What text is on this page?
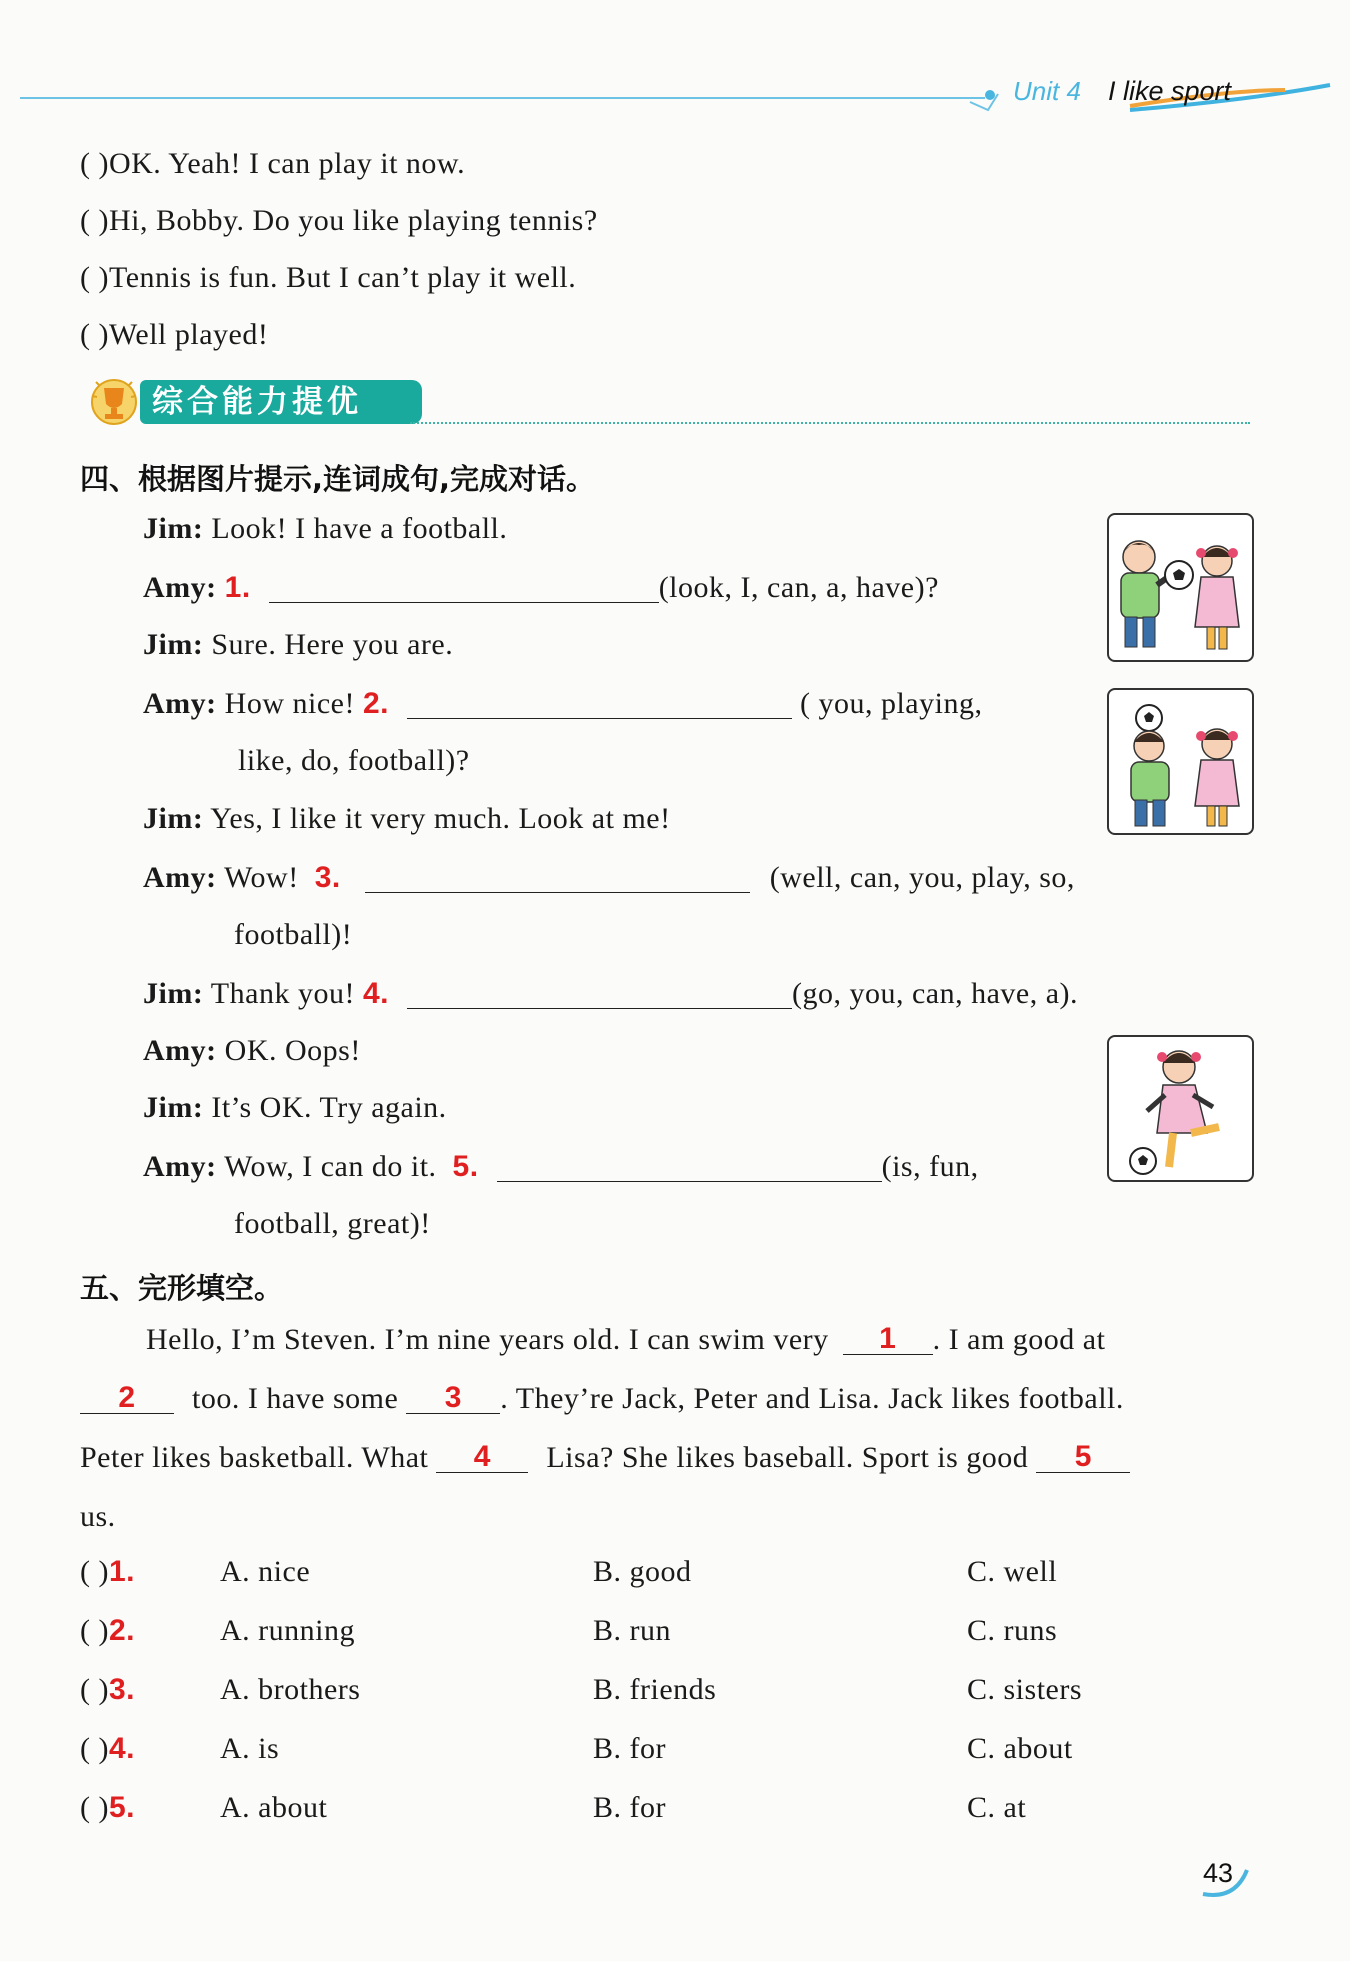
Unit 4 I like sport
( )OK. Yeah! I can play it now.
( )Hi, Bobby. Do you like playing tennis?
( )Tennis is fun. But I can’t play it well.
( )Well played!
综合能力提优
四、根据图片提示,连词成句,完成对话。
Jim: Look! I have a football.
Amy: 1.	(look, I, can, a, have)?
Jim: Sure. Here you are.
Amy: How nice! 2.	( you, playing,
like, do, football)?
Jim: Yes, I like it very much. Look at me!
Amy: Wow! 3.	(well, can, you, play, so,
football)!
Jim: Thank you! 4.	(go, you, can, have, a).
Amy: OK. Oops!
Jim: It’s OK. Try again.
Amy: Wow, I can do it. 5.	(is, fun,
football, great)!
五、完形填空。
Hello, I’m Steven. I’m nine years old. I can swim very 1 . I am good at
2 too. I have some 3 . They’re Jack, Peter and Lisa. Jack likes football.
Peter likes basketball. What 4 Lisa? She likes baseball. Sport is good 5
us.
( )1.	A. nice	B. good	C. well
( )2.	A. running	B. run	C. runs
( )3.	A. brothers	B. friends	C. sisters
( )4.	A. is	B. for	C. about
( )5.	A. about	B. for	C. at
43
